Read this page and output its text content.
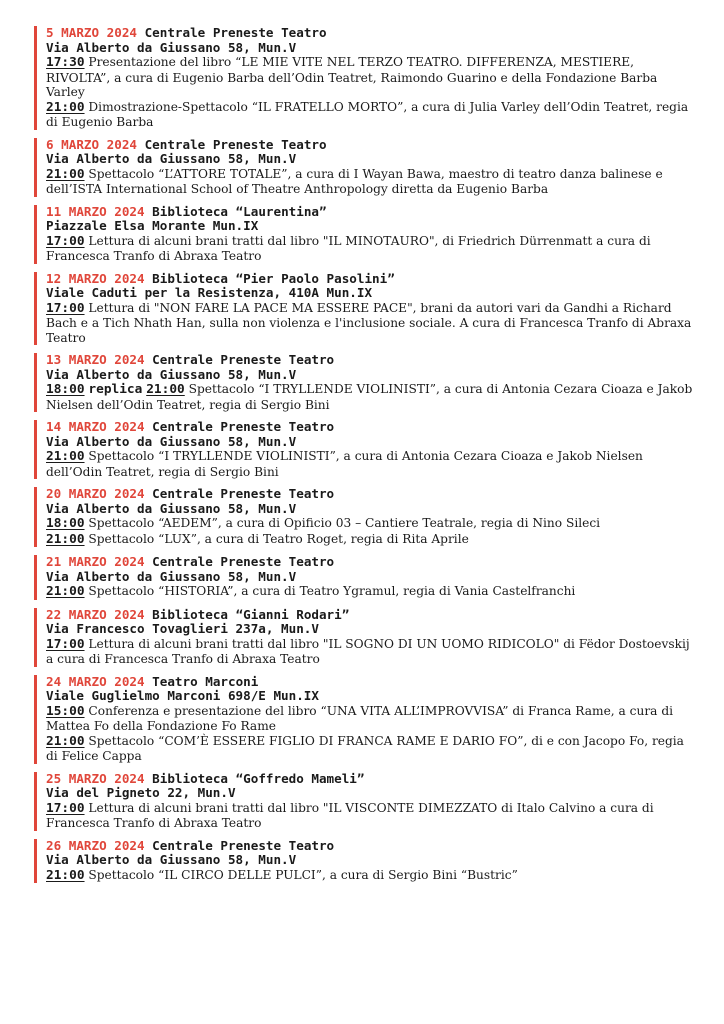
5 MARZO 2024 Centrale Preneste Teatro
Via Alberto da Giussano 58, Mun.V
17:30 Presentazione del libro “LE MIE VITE NEL TERZO TEATRO. DIFFERENZA, MESTIERE, RIVOLTA”, a cura di Eugenio Barba dell’Odin Teatret, Raimondo Guarino e della Fondazione Barba Varley
21:00 Dimostrazione-Spettacolo “IL FRATELLO MORTO”, a cura di Julia Varley dell’Odin Teatret, regia di Eugenio Barba
6 MARZO 2024 Centrale Preneste Teatro
Via Alberto da Giussano 58, Mun.V
21:00 Spettacolo “L’ATTORE TOTALE”, a cura di I Wayan Bawa, maestro di teatro danza balinese e dell’ISTA International School of Theatre Anthropology diretta da Eugenio Barba
11 MARZO 2024 Biblioteca “Laurentina”
Piazzale Elsa Morante Mun.IX
17:00 Lettura di alcuni brani tratti dal libro "IL MINOTAURO", di Friedrich Dürrenmatt a cura di Francesca Tranfo di Abraxa Teatro
12 MARZO 2024 Biblioteca “Pier Paolo Pasolini”
Viale Caduti per la Resistenza, 410A Mun.IX
17:00 Lettura di "NON FARE LA PACE MA ESSERE PACE", brani da autori vari da Gandhi a Richard Bach e a Tich Nhath Han, sulla non violenza e l'inclusione sociale. A cura di Francesca Tranfo di Abraxa Teatro
13 MARZO 2024 Centrale Preneste Teatro
Via Alberto da Giussano 58, Mun.V
18:00 replica 21:00 Spettacolo “I TRYLLENDE VIOLINISTI”, a cura di Antonia Cezara Cioaza e Jakob Nielsen dell’Odin Teatret, regia di Sergio Bini
14 MARZO 2024 Centrale Preneste Teatro
Via Alberto da Giussano 58, Mun.V
21:00 Spettacolo “I TRYLLENDE VIOLINISTI”, a cura di Antonia Cezara Cioaza e Jakob Nielsen dell’Odin Teatret, regia di Sergio Bini
20 MARZO 2024 Centrale Preneste Teatro
Via Alberto da Giussano 58, Mun.V
18:00 Spettacolo “AEDEM”, a cura di Opificio 03 – Cantiere Teatrale, regia di Nino Sileci
21:00 Spettacolo “LUX”, a cura di Teatro Roget, regia di Rita Aprile
21 MARZO 2024 Centrale Preneste Teatro
Via Alberto da Giussano 58, Mun.V
21:00 Spettacolo “HISTORIA”, a cura di Teatro Ygramul, regia di Vania Castelfranchi
22 MARZO 2024 Biblioteca “Gianni Rodari”
Via Francesco Tovaglieri 237a, Mun.V
17:00 Lettura di alcuni brani tratti dal libro "IL SOGNO DI UN UOMO RIDICOLO" di Fëdor Dostoevskij a cura di Francesca Tranfo di Abraxa Teatro
24 MARZO 2024 Teatro Marconi
Viale Guglielmo Marconi 698/E Mun.IX
15:00 Conferenza e presentazione del libro “UNA VITA ALL’IMPROVVISA” di Franca Rame, a cura di Mattea Fo della Fondazione Fo Rame
21:00 Spettacolo “COM’È ESSERE FIGLIO DI FRANCA RAME E DARIO FO”, di e con Jacopo Fo, regia di Felice Cappa
25 MARZO 2024 Biblioteca “Goffredo Mameli”
Via del Pigneto 22, Mun.V
17:00 Lettura di alcuni brani tratti dal libro "IL VISCONTE DIMEZZATO di Italo Calvino a cura di Francesca Tranfo di Abraxa Teatro
26 MARZO 2024 Centrale Preneste Teatro
Via Alberto da Giussano 58, Mun.V
21:00 Spettacolo “IL CIRCO DELLE PULCI”, a cura di Sergio Bini “Bustric”
